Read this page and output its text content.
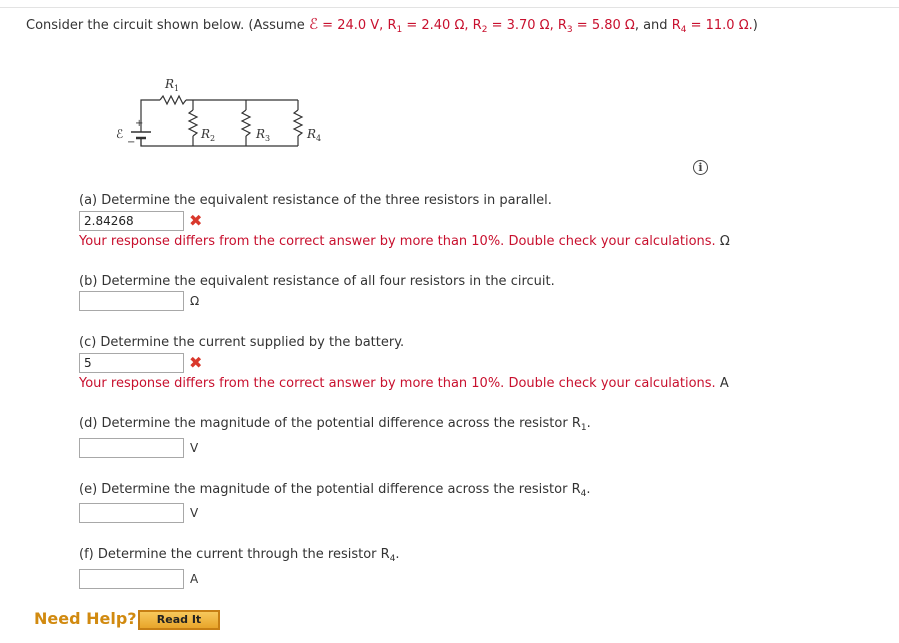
Consider the circuit shown below. (Assume ℰ = 24.0 V, $R_1 = 2.40$ Ω, $R_2 = 3.70$ Ω, $R_3 = 5.80$ Ω, and $R_4 = 11.0$ Ω.)
+
−
ℰ
$R_1$
$R_2$	$R_3$	$R_4$
i
(a) Determine the equivalent resistance of the three resistors in parallel.
2.84268
✖
Your response differs from the correct answer by more than 10%. Double check your calculations. Ω
(b) Determine the equivalent resistance of all four resistors in the circuit.
Ω
(c) Determine the current supplied by the battery.
5
✖
Your response differs from the correct answer by more than 10%. Double check your calculations. A
(d) Determine the magnitude of the potential difference across the resistor $R_1$.
V
(e) Determine the magnitude of the potential difference across the resistor $R_4$.
V
(f) Determine the current through the resistor $R_4$.
A
Need Help?	Read It
